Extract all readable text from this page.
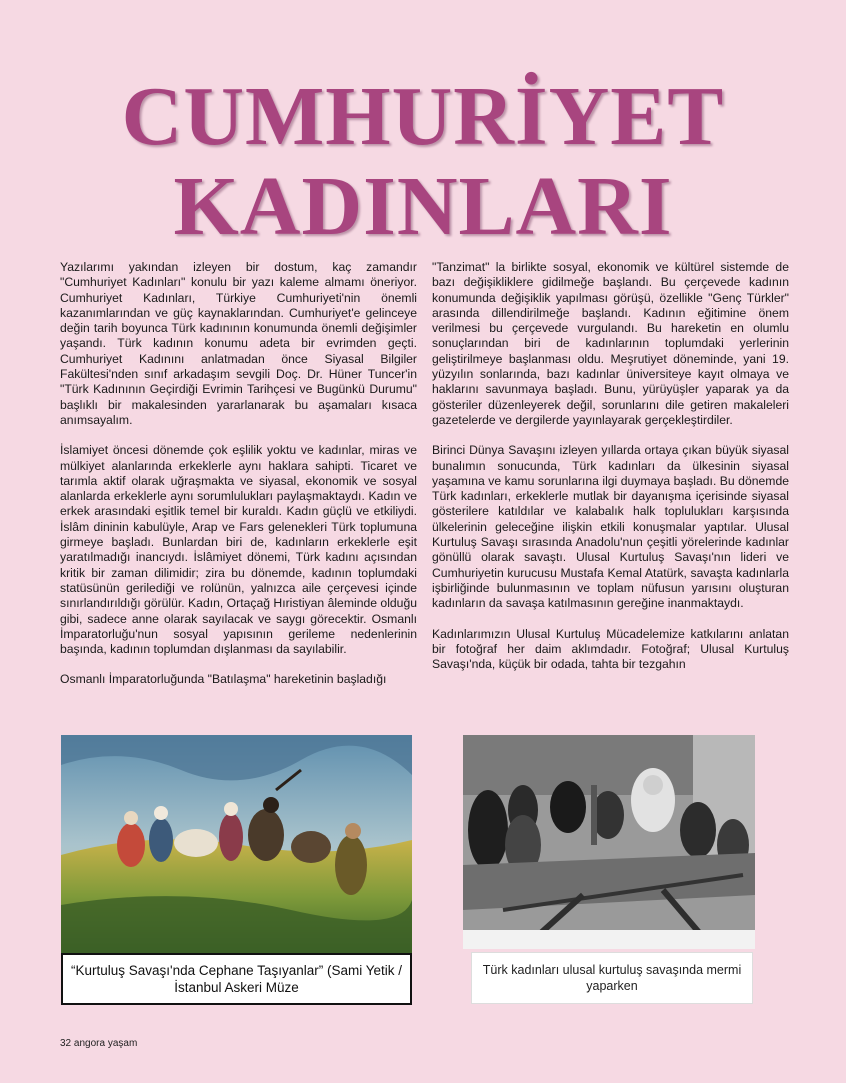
CUMHURİYET
KADINLARI

Yazılarımı yakından izleyen bir dostum, kaç zamandır "Cumhuriyet Kadınları" konulu bir yazı kaleme almamı öneriyor. Cumhuriyet Kadınları, Türkiye Cumhuriyeti'nin önemli kazanımlarından ve güç kaynaklarından. Cumhuriyet'e gelinceye değin tarih boyunca Türk kadınının konumunda önemli değişimler yaşandı. Türk kadının konumu adeta bir evrimden geçti. Cumhuriyet Kadınını anlatmadan önce Siyasal Bilgiler Fakültesi'nden sınıf arkadaşım sevgili Doç. Dr. Hüner Tuncer'in "Türk Kadınının Geçirdiği Evrimin Tarihçesi ve Bugünkü Durumu" başlıklı bir makalesinden yararlanarak bu aşamaları kısaca anımsayalım.

İslamiyet öncesi dönemde çok eşlilik yoktu ve kadınlar, miras ve mülkiyet alanlarında erkeklerle aynı haklara sahipti. Ticaret ve tarımla aktif olarak uğraşmakta ve siyasal, ekonomik ve sosyal alanlarda erkeklerle aynı sorumlulukları paylaşmaktaydı. Kadın ve erkek arasındaki eşitlik temel bir kuraldı. Kadın güçlü ve etkiliydi. İslâm dininin kabulüyle, Arap ve Fars gelenekleri Türk toplumuna girmeye başladı. Bunlardan biri de, kadınların erkeklerle eşit yaratılmadığı inancıydı. İslâmiyet dönemi, Türk kadını açısından kritik bir zaman dilimidir; zira bu dönemde, kadının toplumdaki statüsünün gerilediği ve rolünün, yalnızca aile çerçevesi içinde sınırlandırıldığı görülür. Kadın, Ortaçağ Hıristiyan âleminde olduğu gibi, sadece anne olarak sayılacak ve saygı görecektir. Osmanlı İmparatorluğu'nun sosyal yapısının gerileme nedenlerinin başında, kadının toplumdan dışlanması da sayılabilir.

Osmanlı İmparatorluğunda "Batılaşma" hareketinin başladığı

"Tanzimat" la birlikte sosyal, ekonomik ve kültürel sistemde de bazı değişikliklere gidilmeğe başlandı. Bu çerçevede kadının konumunda değişiklik yapılması görüşü, özellikle "Genç Türkler" arasında dillendirilmeğe başlandı. Kadının eğitimine önem verilmesi bu çerçevede vurgulandı. Bu hareketin en olumlu sonuçlarından biri de kadınlarının toplumdaki yerlerinin geliştirilmeye başlanması oldu. Meşrutiyet döneminde, yani 19. yüzyılın sonlarında, bazı kadınlar üniversiteye kayıt olmaya ve haklarını savunmaya başladı. Bunu, yürüyüşler yaparak ya da gösteriler düzenleyerek değil, sorunlarını dile getiren makaleleri gazetelerde ve dergilerde yayınlayarak gerçekleştirdiler.

Birinci Dünya Savaşını izleyen yıllarda ortaya çıkan büyük siyasal bunalımın sonucunda, Türk kadınları da ülkesinin siyasal yaşamına ve kamu sorunlarına ilgi duymaya başladı. Bu dönemde Türk kadınları, erkeklerle mutlak bir dayanışma içerisinde siyasal gösterilere katıldılar ve kalabalık halk toplulukları karşısında ülkelerinin geleceğine ilişkin etkili konuşmalar yaptılar. Ulusal Kurtuluş Savaşı sırasında Anadolu'nun çeşitli yörelerinde kadınlar gönüllü olarak savaştı. Ulusal Kurtuluş Savaşı'nın lideri ve Cumhuriyetin kurucusu Mustafa Kemal Atatürk, savaşta kadınlarla işbirliğinde bulunmasının ve toplam nüfusun yarısını oluşturan kadınların da savaşa katılmasının gereğine inanmaktaydı.

Kadınlarımızın Ulusal Kurtuluş Mücadelemize katkılarını anlatan bir fotoğraf her daim aklımdadır. Fotoğraf; Ulusal Kurtuluş Savaşı'nda, küçük bir odada, tahta bir tezgahın

“Kurtuluş Savaşı'nda Cephane Taşıyanlar” (Sami Yetik / İstanbul Askeri Müze
Türk kadınları ulusal kurtuluş savaşında mermi yaparken
32 angora yaşam
